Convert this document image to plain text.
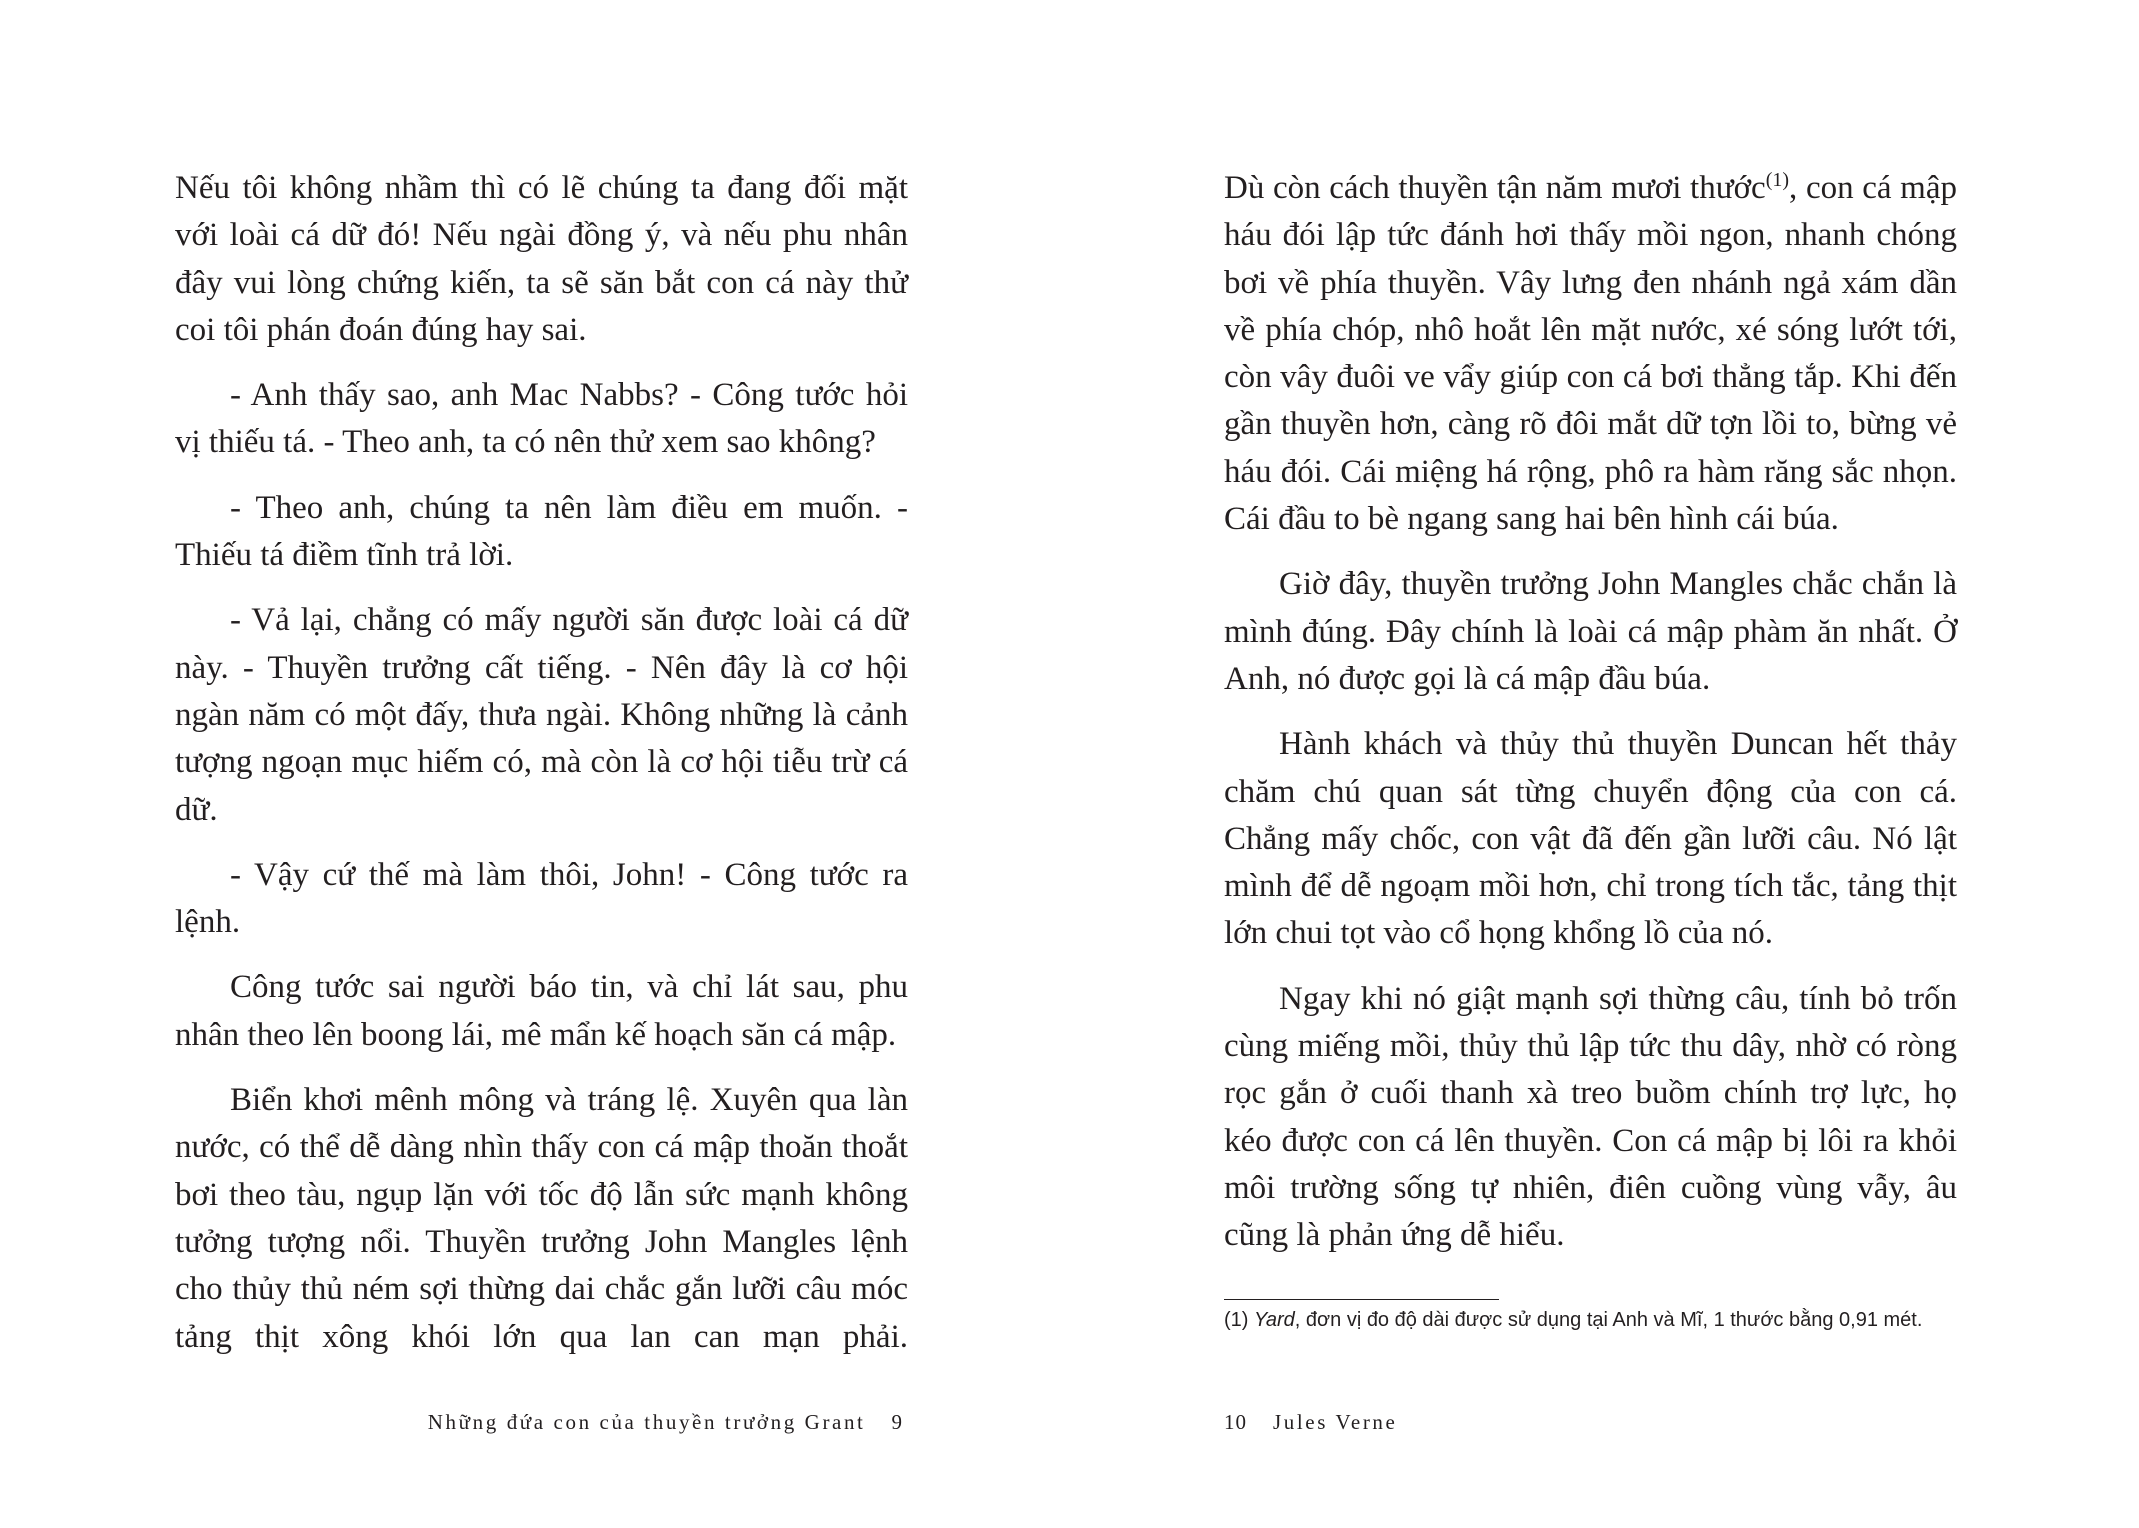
Nếu tôi không nhầm thì có lẽ chúng ta đang đối mặt với loài cá dữ đó! Nếu ngài đồng ý, và nếu phu nhân đây vui lòng chứng kiến, ta sẽ săn bắt con cá này thử coi tôi phán đoán đúng hay sai.

- Anh thấy sao, anh Mac Nabbs? - Công tước hỏi vị thiếu tá. - Theo anh, ta có nên thử xem sao không?

- Theo anh, chúng ta nên làm điều em muốn. - Thiếu tá điềm tĩnh trả lời.

- Vả lại, chẳng có mấy người săn được loài cá dữ này. - Thuyền trưởng cất tiếng. - Nên đây là cơ hội ngàn năm có một đấy, thưa ngài. Không những là cảnh tượng ngoạn mục hiếm có, mà còn là cơ hội tiễu trừ cá dữ.

- Vậy cứ thế mà làm thôi, John! - Công tước ra lệnh.

Công tước sai người báo tin, và chỉ lát sau, phu nhân theo lên boong lái, mê mẩn kế hoạch săn cá mập.

Biển khơi mênh mông và tráng lệ. Xuyên qua làn nước, có thể dễ dàng nhìn thấy con cá mập thoăn thoắt bơi theo tàu, ngụp lặn với tốc độ lẫn sức mạnh không tưởng tượng nổi. Thuyền trưởng John Mangles lệnh cho thủy thủ ném sợi thừng dai chắc gắn lưỡi câu móc tảng thịt xông khói lớn qua lan can mạn phải.

Những đứa con của thuyền trưởng Grant 9

Dù còn cách thuyền tận năm mươi thước$^{(1)}$, con cá mập háu đói lập tức đánh hơi thấy mồi ngon, nhanh chóng bơi về phía thuyền. Vây lưng đen nhánh ngả xám dần về phía chóp, nhô hoắt lên mặt nước, xé sóng lướt tới, còn vây đuôi ve vẩy giúp con cá bơi thẳng tắp. Khi đến gần thuyền hơn, càng rõ đôi mắt dữ tợn lồi to, bừng vẻ háu đói. Cái miệng há rộng, phô ra hàm răng sắc nhọn. Cái đầu to bè ngang sang hai bên hình cái búa.

Giờ đây, thuyền trưởng John Mangles chắc chắn là mình đúng. Đây chính là loài cá mập phàm ăn nhất. Ở Anh, nó được gọi là cá mập đầu búa.

Hành khách và thủy thủ thuyền Duncan hết thảy chăm chú quan sát từng chuyển động của con cá. Chẳng mấy chốc, con vật đã đến gần lưỡi câu. Nó lật mình để dễ ngoạm mồi hơn, chỉ trong tích tắc, tảng thịt lớn chui tọt vào cổ họng khổng lồ của nó.

Ngay khi nó giật mạnh sợi thừng câu, tính bỏ trốn cùng miếng mồi, thủy thủ lập tức thu dây, nhờ có ròng rọc gắn ở cuối thanh xà treo buồm chính trợ lực, họ kéo được con cá lên thuyền. Con cá mập bị lôi ra khỏi môi trường sống tự nhiên, điên cuồng vùng vẫy, âu cũng là phản ứng dễ hiểu.

(1) Yard, đơn vị đo độ dài được sử dụng tại Anh và Mĩ, 1 thước bằng 0,91 mét.
10 Jules Verne
